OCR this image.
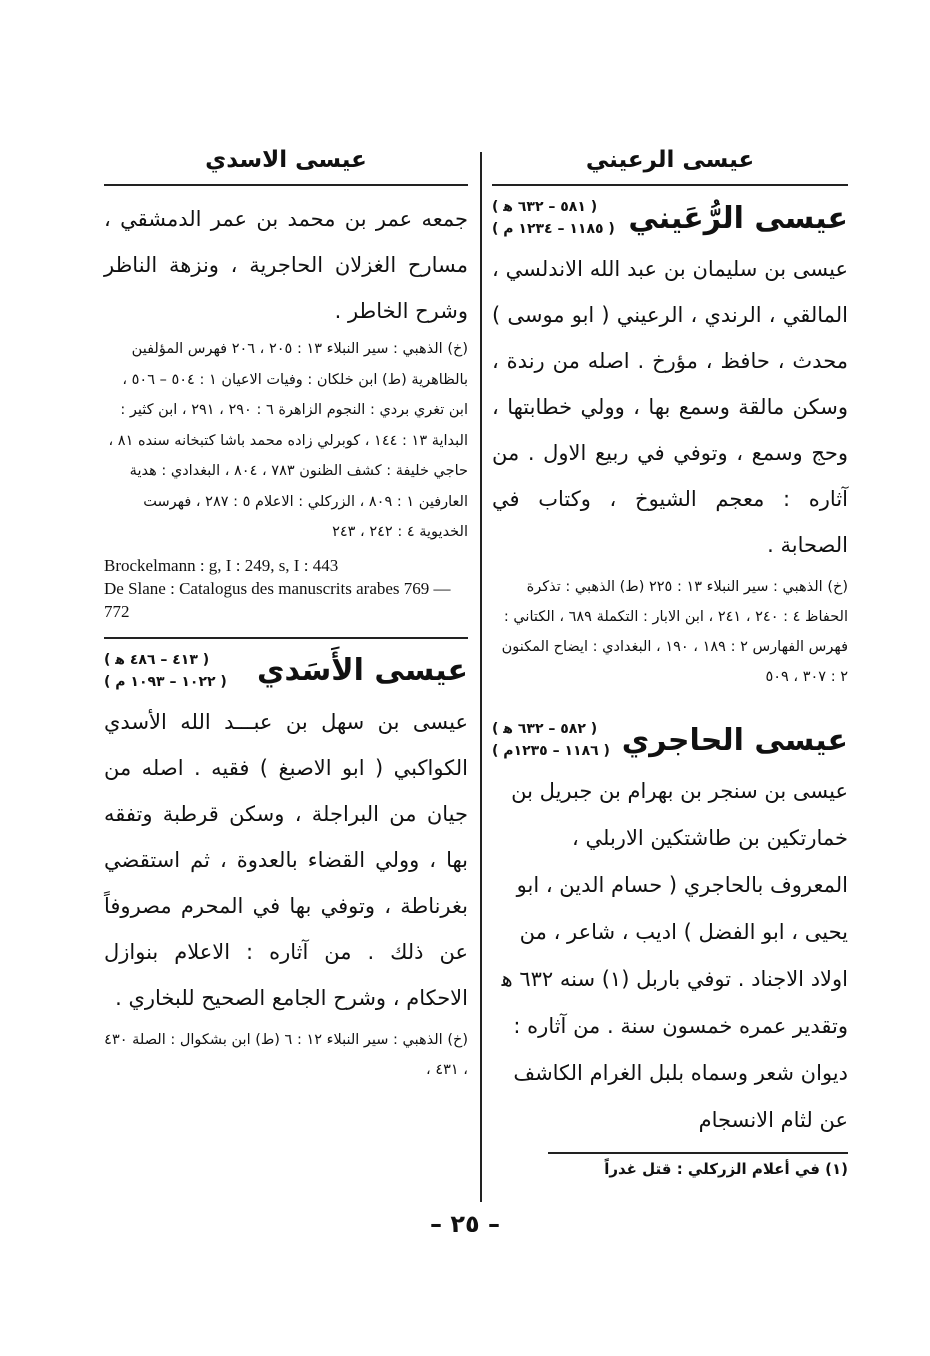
عيسى الرعيني
عيسى الرُّعَيني
( ٥٨١ – ٦٣٢ ﻫ )
( ١١٨٥ – ١٢٣٤ م )

عيسى بن سليمان بن عبد الله الاندلسي ، المالقي ، الرندي ، الرعيني ( ابو موسى ) محدث ، حافظ ، مؤرخ . اصله من رندة ، وسكن مالقة وسمع بها ، وولي خطابتها ، وحج وسمع ، وتوفي في ربيع الاول . من آثاره : معجم الشيوخ ، وكتاب في الصحابة .

(خ) الذهبي : سير النبلاء ١٣ : ٢٢٥ (ط) الذهبي : تذكرة الحفاظ ٤ : ٢٤٠ ، ٢٤١ ، ابن الابار : التكملة ٦٨٩ ، الكتاني : فهرس الفهارس ٢ : ١٨٩ ، ١٩٠ ، البغدادي : ايضاح المكنون ٢ : ٣٠٧ ، ٥٠٩

عيسى الحاجري
( ٥٨٢ – ٦٣٢ ﻫ )
( ١١٨٦ – ١٢٣٥م )

عيسى بن سنجر بن بهرام بن جبريل بن خمارتكين بن طاشتكين الاربلي ، المعروف بالحاجري ( حسام الدين ، ابو يحيى ، ابو الفضل ) اديب ، شاعر ، من اولاد الاجناد . توفي باربل (١) سنه ٦٣٢ ﻫ وتقدير عمره خمسون سنة . من آثاره : ديوان شعر وسماه بلبل الغرام الكاشف عن لثام الانسجام

(١) في أعلام الزركلي : قتل غدراً
عيسى الاسدي

جمعه عمر بن محمد بن عمر الدمشقي ، مسارح الغزلان الحاجرية ، ونزهة الناظر وشرح الخاطر .

(خ) الذهبي : سير النبلاء ١٣ : ٢٠٥ ، ٢٠٦ فهرس المؤلفين بالظاهرية (ط) ابن خلكان : وفيات الاعيان ١ : ٥٠٤ – ٥٠٦ ، ابن تغري بردي : النجوم الزاهرة ٦ : ٢٩٠ ، ٢٩١ ، ابن كثير : البداية ١٣ : ١٤٤ ، كوبرلي زاده محمد باشا كتبخانه سنده ٨١ ، حاجي خليفة : كشف الظنون ٧٨٣ ، ٨٠٤ ، البغدادي : هدية العارفين ١ : ٨٠٩ ، الزركلي : الاعلام ٥ : ٢٨٧ ، فهرست الخديوية ٤ : ٢٤٢ ، ٢٤٣

Brockelmann : g, I : 249, s, I : 443
De Slane : Catalogus des manuscrits arabes 769 — 772
عيسى الأَسَدي
( ٤١٣ – ٤٨٦ ﻫ )
( ١٠٢٢ – ١٠٩٣ م )

عيسى بن سهل بن عبـــد الله الأسدي الكواكبي ( ابو الاصبغ ) فقيه . اصله من جيان من البراجلة ، وسكن قرطبة وتفقه بها ، وولي القضاء بالعدوة ، ثم استقضي بغرناطة ، وتوفي بها في المحرم مصروفاً عن ذلك . من آثاره : الاعلام بنوازل الاحكام ، وشرح الجامع الصحيح للبخاري .

(خ) الذهبي : سير النبلاء ١٢ : ٦ (ط) ابن بشكوال : الصلة ٤٣٠ ، ٤٣١ ،

– ٢٥ –
